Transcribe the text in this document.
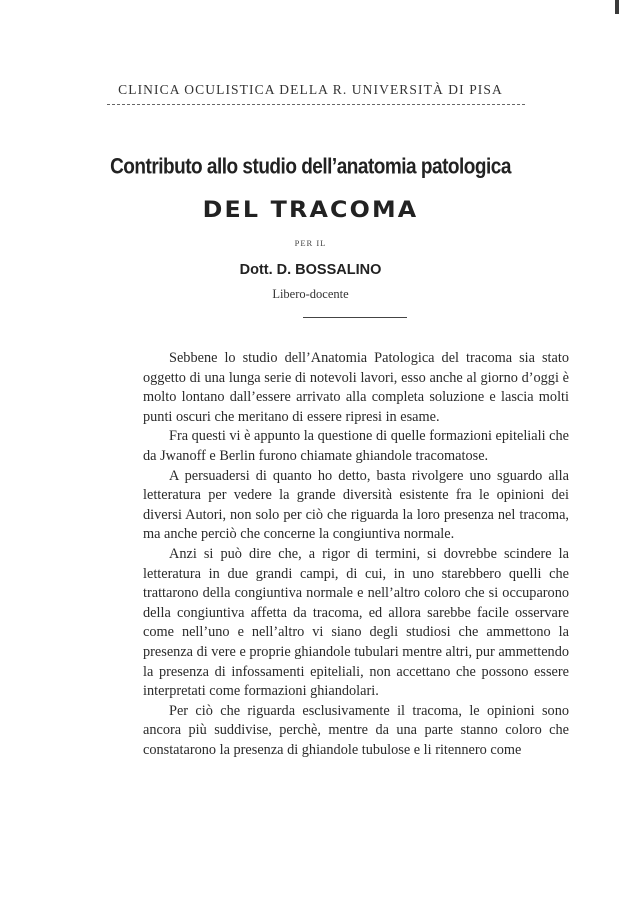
CLINICA OCULISTICA DELLA R. UNIVERSITÀ DI PISA
Contributo allo studio dell’anatomia patologica
DEL TRACOMA
PER IL
Dott. D. BOSSALINO
Libero-docente

Sebbene lo studio dell’Anatomia Patologica del tracoma sia stato oggetto di una lunga serie di notevoli lavori, esso anche al giorno d’oggi è molto lontano dall’essere arrivato alla completa soluzione e lascia molti punti oscuri che meritano di essere ripresi in esame.

Fra questi vi è appunto la questione di quelle formazioni epiteliali che da Jwanoff e Berlin furono chiamate ghiandole tracomatose.

A persuadersi di quanto ho detto, basta rivolgere uno sguardo alla letteratura per vedere la grande diversità esistente fra le opinioni dei diversi Autori, non solo per ciò che riguarda la loro presenza nel tracoma, ma anche perciò che concerne la congiuntiva normale.

Anzi si può dire che, a rigor di termini, si dovrebbe scindere la letteratura in due grandi campi, di cui, in uno starebbero quelli che trattarono della congiuntiva normale e nell’altro coloro che si occuparono della congiuntiva affetta da tracoma, ed allora sarebbe facile osservare come nell’uno e nell’altro vi siano degli studiosi che ammettono la presenza di vere e proprie ghiandole tubulari mentre altri, pur ammettendo la presenza di infossamenti epiteliali, non accettano che possono essere interpretati come formazioni ghiandolari.

Per ciò che riguarda esclusivamente il tracoma, le opinioni sono ancora più suddivise, perchè, mentre da una parte stanno coloro che constatarono la presenza di ghiandole tubulose e li ritennero come
